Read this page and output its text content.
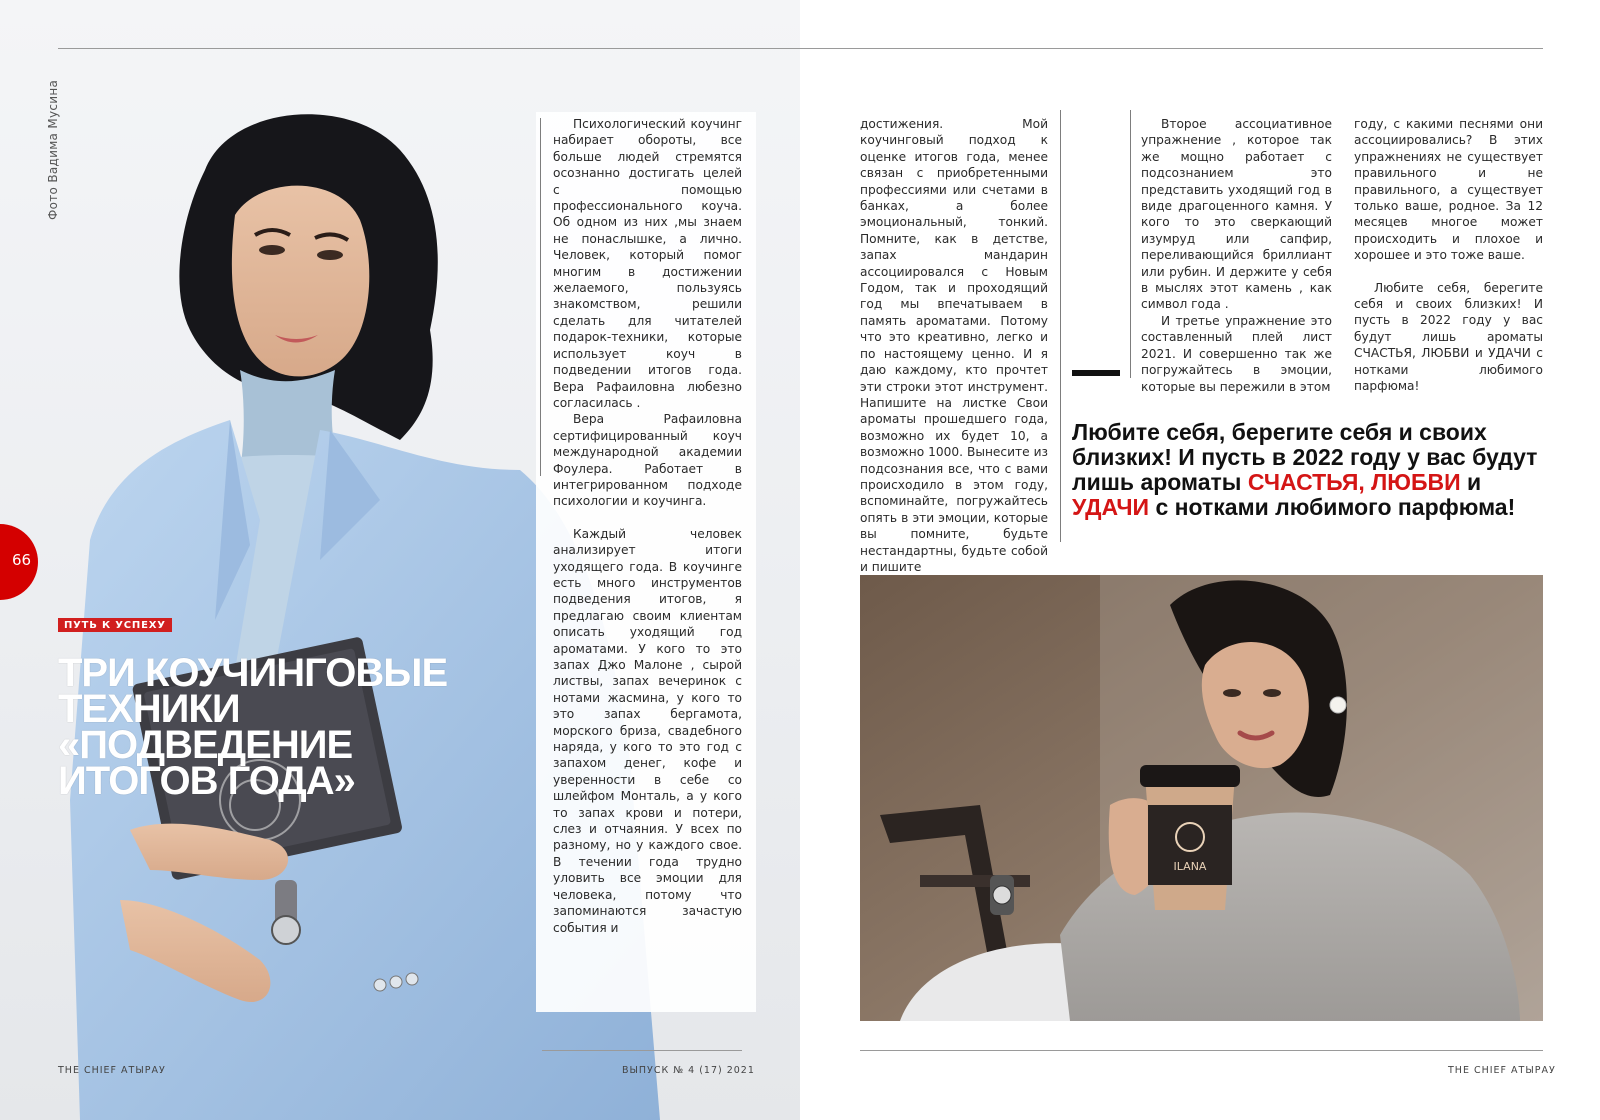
Фото Вадима Мусина
66
ПУТЬ К УСПЕХУ
ТРИ КОУЧИНГОВЫЕ
ТЕХНИКИ
«ПОДВЕДЕНИЕ
ИТОГОВ ГОДА»

Психологический коучинг набирает обороты, все больше людей стремятся осознанно достигать целей с помощью профессионального коуча. Об одном из них ,мы знаем не понаслышке, а лично. Человек, который помог многим в достижении желаемого, пользуясь знакомством, решили сделать для читателей подарок-техники, которые использует коуч в подведении итогов года. Вера Рафаиловна любезно согласилась .

Вера Рафаиловна сертифицированный коуч международной академии Фоулера. Работает в интегрированном подходе психологии и коучинга.

Каждый человек анализирует итоги уходящего года. В коучинге есть много инструментов подведения итогов, я предлагаю своим клиентам описать уходящий год ароматами. У кого то это запах Джо Малоне , сырой листвы, запах вечеринок с нотами жасмина, у кого то это запах бергамота, морского бриза, свадебного наряда, у кого то это год с запахом денег, кофе и уверенности в себе со шлейфом Монталь, а у кого то запах крови и потери, слез и отчаяния. У всех по разному, но у каждого свое. В течении года трудно уловить все эмоции для человека, потому что запоминаются зачастую события и

THE CHIEF АТЫРАУ	ВЫПУСК № 4 (17) 2021

достижения. Мой коучинговый подход к оценке итогов года, менее связан с приобретенными профессиями или счетами в банках, а более эмоциональный, тонкий. Помните, как в детстве, запах мандарин ассоциировался с Новым Годом, так и проходящий год мы впечатываем в память ароматами. Потому что это креативно, легко и по настоящему ценно. И я даю каждому, кто прочтет эти строки этот инструмент. Напишите на листке Свои ароматы прошедшего года, возможно их будет 10, а возможно 1000. Вынесите из подсознания все, что с вами происходило в этом году, вспоминайте, погружайтесь опять в эти эмоции, которые вы помните, будьте нестандартны, будьте собой и пишите

Второе ассоциативное упражнение , которое так же мощно работает с подсознанием это представить уходящий год в виде драгоценного камня. У кого то это сверкающий изумруд или сапфир, переливающийся бриллиант или рубин. И держите у себя в мыслях этот камень , как символ года .

И третье упражнение это составленный плей лист 2021. И совершенно так же погружайтесь в эмоции, которые вы пережили в этом

году, с какими песнями они ассоциировались? В этих упражнениях не существует правильного и не правильного, а существует только ваше, родное. За 12 месяцев многое может происходить и плохое и хорошее и это тоже ваше.

Любите себя, берегите себя и своих близких! И пусть в 2022 году у вас будут лишь ароматы СЧАСТЬЯ, ЛЮБВИ и УДАЧИ с нотками любимого парфюма!

Любите себя, берегите себя и своих близких! И пусть в 2022 году у вас будут лишь ароматы СЧАСТЬЯ, ЛЮБВИ и УДАЧИ с нотками любимого парфюма!
ILANA
THE CHIEF АТЫРАУ
